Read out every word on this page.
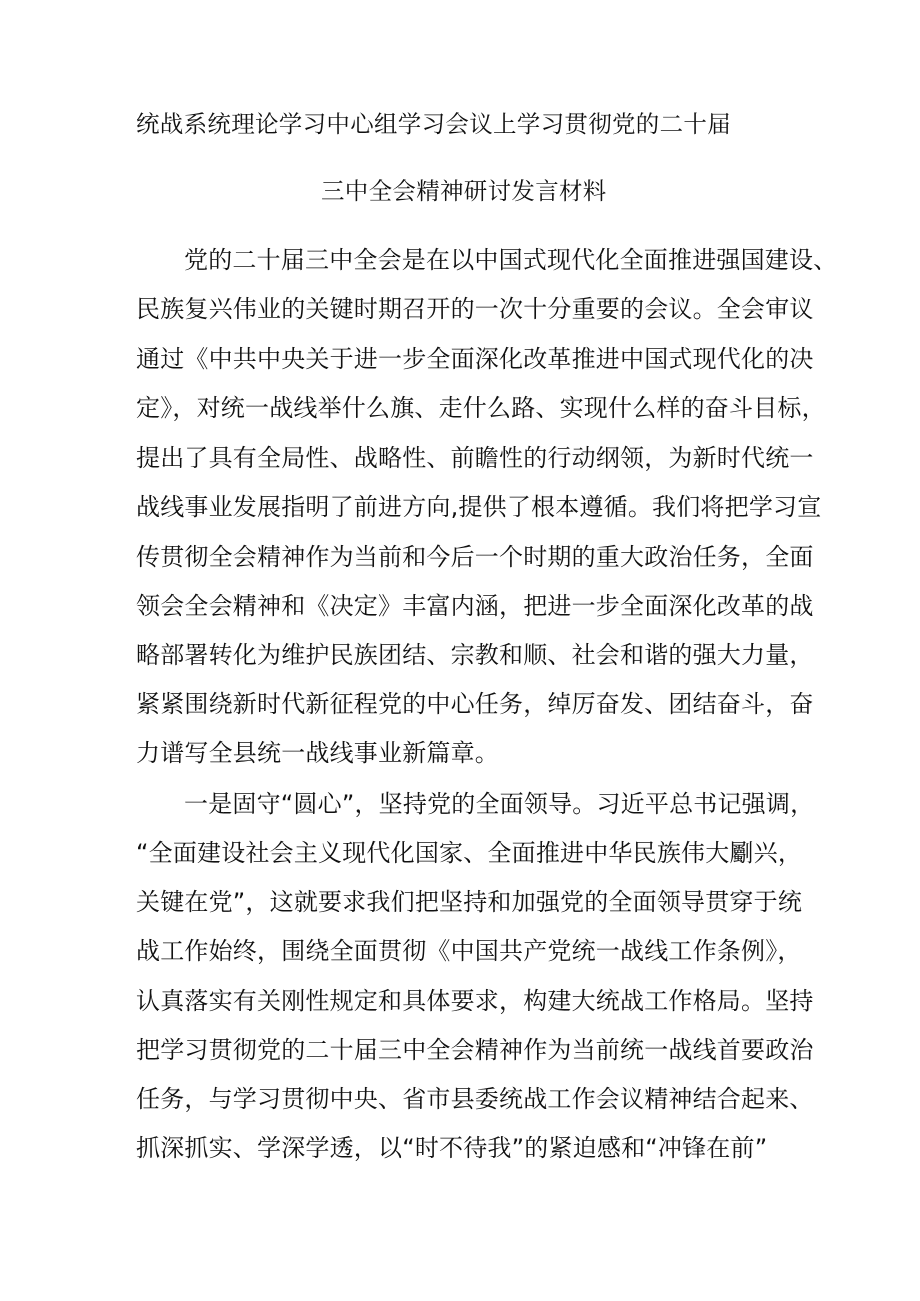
统战系统理论学习中心组学习会议上学习贯彻党的二十届
三中全会精神研讨发言材料
党的二十届三中全会是在以中国式现代化全面推进强国建设、
民族复兴伟业的关键时期召开的一次十分重要的会议。全会审议
通过《中共中央关于进一步全面深化改革推进中国式现代化的决
定》，对统一战线举什么旗、走什么路、实现什么样的奋斗目标，
提出了具有全局性、战略性、前瞻性的行动纲领，为新时代统一
战线事业发展指明了前进方向,提供了根本遵循。我们将把学习宣
传贯彻全会精神作为当前和今后一个时期的重大政治任务，全面
领会全会精神和《决定》丰富内涵，把进一步全面深化改革的战
略部署转化为维护民族团结、宗教和顺、社会和谐的强大力量，
紧紧围绕新时代新征程党的中心任务，绰厉奋发、团结奋斗，奋
力谱写全县统一战线事业新篇章。
一是固守“圆心”，坚持党的全面领导。习近平总书记强调，
“全面建设社会主义现代化国家、全面推进中华民族伟大劚兴，
关键在党”，这就要求我们把坚持和加强党的全面领导贯穿于统
战工作始终，围绕全面贯彻《中国共产党统一战线工作条例》，
认真落实有关刚性规定和具体要求，构建大统战工作格局。坚持
把学习贯彻党的二十届三中全会精神作为当前统一战线首要政治
任务，与学习贯彻中央、省市县委统战工作会议精神结合起来、
抓深抓实、学深学透，以“时不待我”的紧迫感和“冲锋在前”
